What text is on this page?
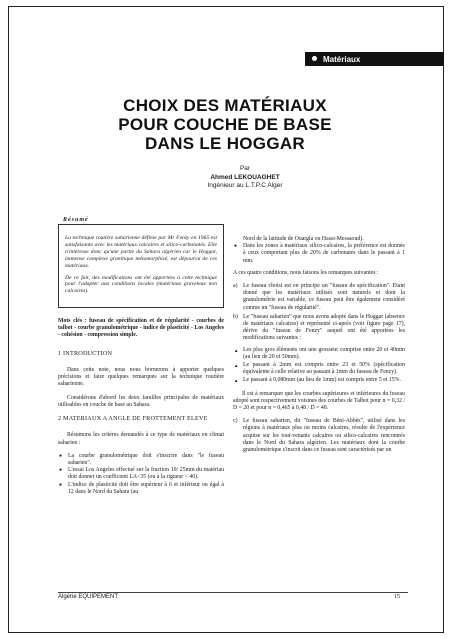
Matériaux
CHOIX DES MATÉRIAUX
POUR COUCHE DE BASE
DANS LE HOGGAR
Par
Ahmed LEKOUAGHET
Ingénieur au L.T.P.C Alger

La technique routière saharienne définie par Mr Fenzy en 1965 est satisfaisante avec les matériaux calcaires et silico-carbonatés. Elle n'intéresse donc qu'une partie du Sahara algérien car le Hoggar, immense complexe granitique métamorphisé, est dépourvu de ces matériaux.

De ce fait, des modifications ont été apportées à cette technique pour l'adapter aux conditions locales (matériaux graveleux non calcaires).

Résumé
Mots clés : fuseau de spécification et de régularité - courbes de talbot - courbe granulométrique - indice de plasticité - Los Angeles - cohésion - compression simple.
1 INTRODUCTION

Dans cette note, nous nous bornerons à apporter quelques précisions et faire quelques remarques sur la technique routière saharienne.

Considérons d'abord les deux familles principales de matériaux utilisables en couche de base au Sahara.

2 MATERIAUX A ANGLE DE FROTTEMENT ELEVE

Résumons les critères demandés à ce type de matériaux en climat saharien :

● La courbe granulométrique doit s'inscrire dans "le fuseau saharien".
● L'essai Los Angeles effectué sur la fraction 10/ 25mm du matériau doit donner un coefficient LA<35 (ou à la rigueur < 40).
● L'indice de plasticité doit être supérieur à 6 et inférieur ou égal à 12 dans le Nord du Sahara (au

Nord de la latitude de Ouargla ou Hassi-Messaoud).

● Dans les zones à matériaux silico-calcaires, la préférence est donnée à ceux comportant plus de 20% de carbonates dans le passant à 1 mm.

A ces quatre conditions, nous faisons les remarques suivantes :

a) Le fuseau choisi est en principe un "fuseau de spécification". Etant donné que les matériaux utilisés sont naturels et dont la granulométrie est variable, ce fuseau peut être également considéré comme un "fuseau de régularité".
b) Le "fuseau saharien" que nous avons adopté dans le Hoggar (absence de matériaux calcaires) et représenté ci-après (voir figure page 17), dérive du "fuseau de Fenzy" auquel ont été apportées les modifications suivantes :
▲ Les plus gros éléments ont une grosseur comprise entre 20 et 40mm (au lieu de 20 et 50mm).
▲ Le passant à 2mm est compris entre 23 et 50% (spécification équivalente à celle relative au passant à 1mm du fuseau de Fenzy).
▲ Le passant à 0,080mm (au lieu de 1mm) est compris entre 5 et 15%.

Il est à remarquer que les courbes supérieures et inférieures du fuseau adopté sont respectivement voisines des courbes de Talbot pour n = 0,32 / D = 20 et pour n = 0,465 à 0,48 / D = 40.

c) Le fuseau saharien, dit "fuseau de Béni-Abbès", utilisé dans les régions à matériaux plus ou moins calcaires, résulte de l'expérience acquise sur les tout-venants calcaires ou silico-calcaires rencontrés dans le Nord du Sahara algérien. Les matériaux dont la courbe granulométrique s'inscrit dans ce fuseau sont caractérisés par un
Algérie EQUIPEMENT	15
